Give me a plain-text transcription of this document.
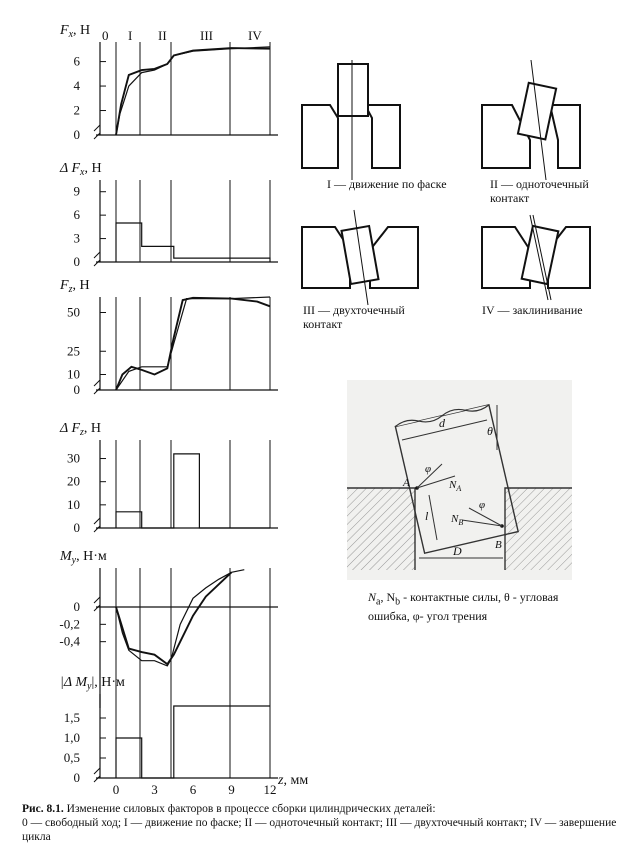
0
2
4
6
$F_x$, Н 0 I II	III	IV
0
3
6
9
Δ $F_x$, Н
0
10
25
50
$F_z$, Н
0
10
20
30
Δ $F_z$, Н
0
-0,2
-0,4
$M_y$, Н·м
0
0,5
1,0
1,5
|Δ $M_y|$, Н·м
0 3 6 9 12
z, мм
I — движение по фаске	II — одноточечный
контакт
III — двухточечный
контакт
IV — заклинивание
d
θ
A
φ
$N_A$
l
B
φ
$N_B$
D
$N_a$, $N_b$ - контактные силы, θ - угловая ошибка, φ- угол трения
Рис. 8.1. Изменение силовых факторов в процессе сборки цилиндрических деталей:
0 — свободный ход; I — движение по фаске; II — одноточечный контакт; III — двухточечный контакт; IV — завершение цикла
